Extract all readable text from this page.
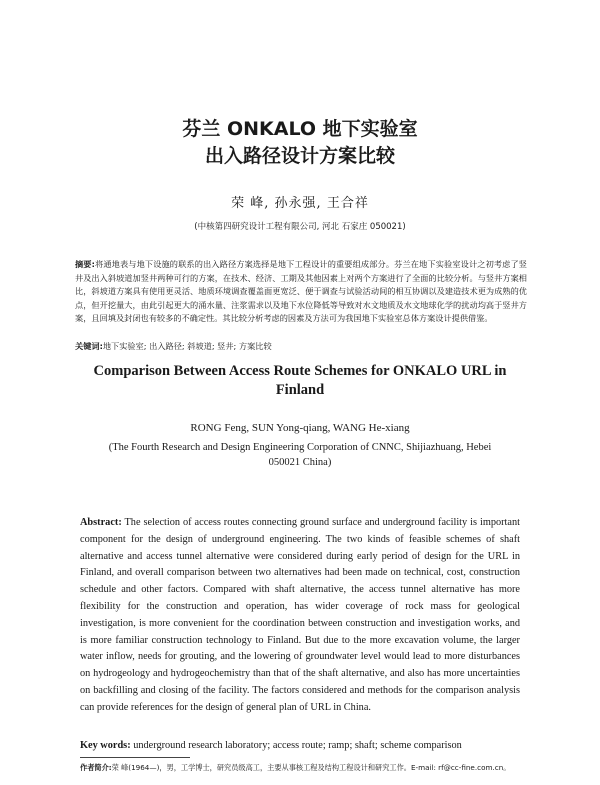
芬兰 ONKALO 地下实验室
出入路径设计方案比较
荣 峰, 孙永强, 王合祥
(中核第四研究设计工程有限公司, 河北 石家庄 050021)
摘要:将通地表与地下设施的联系的出入路径方案选择是地下工程设计的重要组成部分。芬兰在地下实验室设计之初考虑了竖井及出入斜坡道加竖井两种可行的方案，在技术、经济、工期及其他因素上对两个方案进行了全面的比较分析。与竖井方案相比，斜坡道方案具有使用更灵活、地质环境调查覆盖面更宽泛、便于调查与试验活动间的相互协调以及建造技术更为成熟的优点，但开挖量大，由此引起更大的涌水量、注浆需求以及地下水位降低等导致对水文地质及水文地球化学的扰动均高于竖井方案，且回填及封闭也有较多的不确定性。其比较分析考虑的因素及方法可为我国地下实验室总体方案设计提供借鉴。
关键词:地下实验室; 出入路径; 斜坡道; 竖井; 方案比较
Comparison Between Access Route Schemes for ONKALO URL in Finland
RONG Feng, SUN Yong-qiang, WANG He-xiang
(The Fourth Research and Design Engineering Corporation of CNNC, Shijiazhuang, Hebei 050021 China)
Abstract: The selection of access routes connecting ground surface and underground facility is important component for the design of underground engineering. The two kinds of feasible schemes of shaft alternative and access tunnel alternative were considered during early period of design for the URL in Finland, and overall comparison between two alternatives had been made on technical, cost, construction schedule and other factors. Compared with shaft alternative, the access tunnel alternative has more flexibility for the construction and operation, has wider coverage of rock mass for geological investigation, is more convenient for the coordination between construction and investigation works, and is more familiar construction technology to Finland. But due to the more excavation volume, the larger water inflow, needs for grouting, and the lowering of groundwater level would lead to more disturbances on hydrogeology and hydrogeochemistry than that of the shaft alternative, and also has more uncertainties on backfilling and closing of the facility. The factors considered and methods for the comparison analysis can provide references for the design of general plan of URL in China.
Key words: underground research laboratory; access route; ramp; shaft; scheme comparison
作者简介:荣 峰(1964—)，男，工学博士，研究员级高工，主要从事核工程及结构工程设计和研究工作。E-mail: rf@cc-fine.com.cn。
